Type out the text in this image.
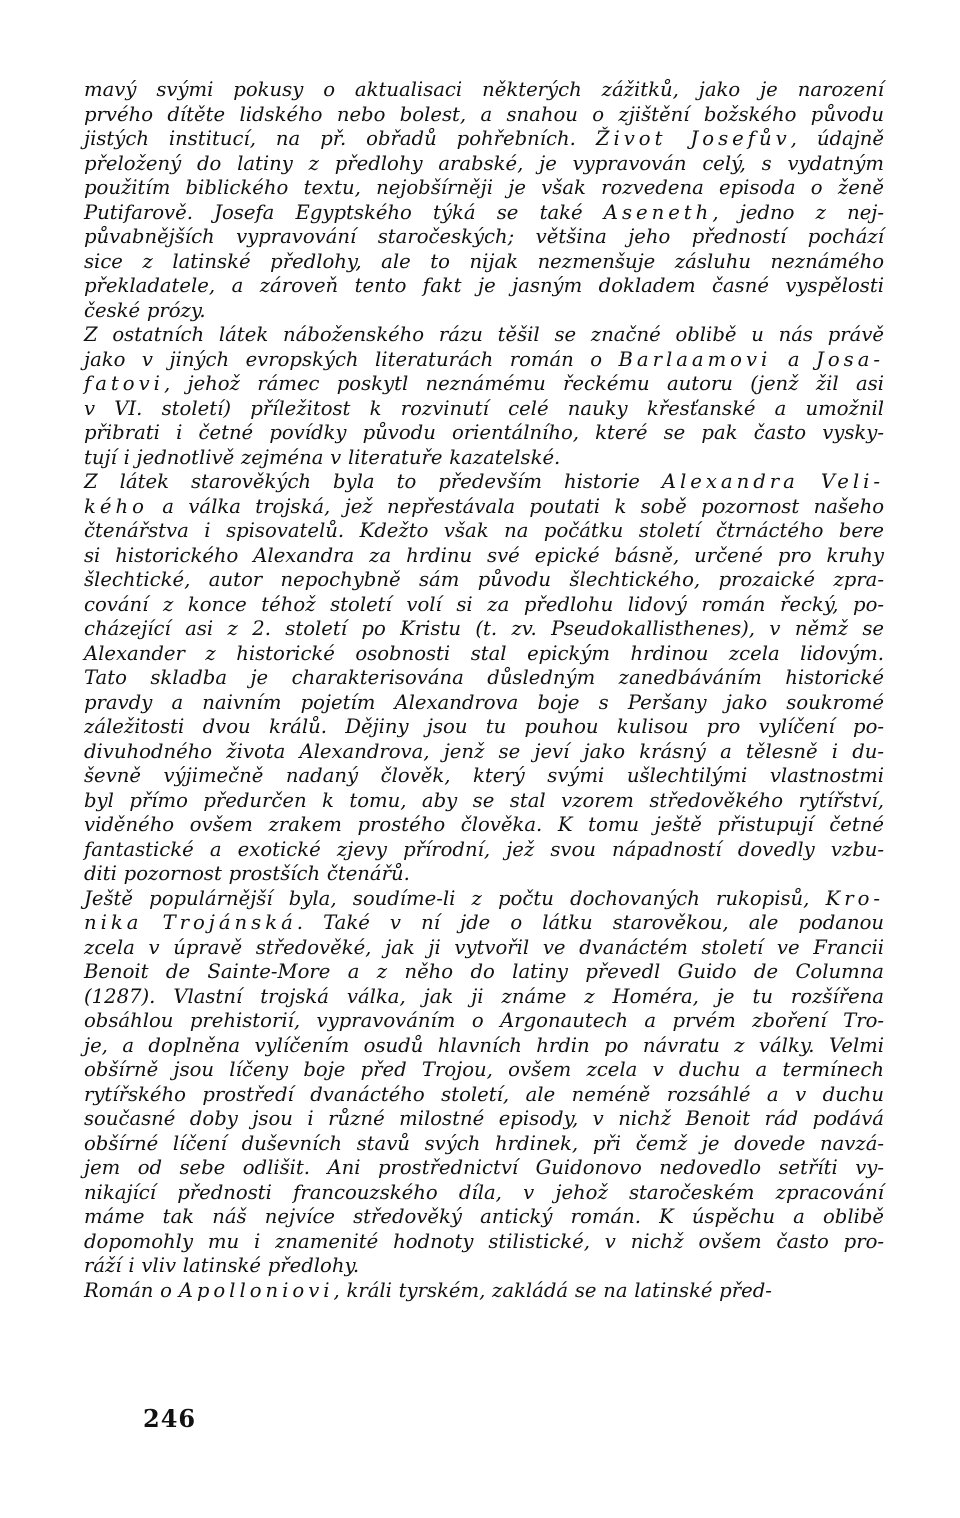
mavý svými pokusy o aktualisaci některých zážitků, jako je narození
prvého dítěte lidského nebo bolest, a snahou o zjištění božského původu
jistých institucí, na př. obřadů pohřebních. Život Josefův, údajně
přeložený do latiny z předlohy arabské, je vypravován celý, s vydatným
použitím biblického textu, nejobšírněji je však rozvedena episoda o ženě
Putifarově. Josefa Egyptského týká se také Aseneth, jedno z nej-
půvabnějších vypravování staročeských; většina jeho předností pochází
sice z latinské předlohy, ale to nijak nezmenšuje zásluhu neznámého
překladatele, a zároveň tento fakt je jasným dokladem časné vyspělosti
české prózy.
Z ostatních látek náboženského rázu těšil se značné oblibě u nás právě
jako v jiných evropských literaturách román o Barlaamovi a Josa-
fatovi, jehož rámec poskytl neznámému řeckému autoru (jenž žil asi
v VI. století) příležitost k rozvinutí celé nauky křesťanské a umožnil
přibrati i četné povídky původu orientálního, které se pak často vysky-
tují i jednotlivě zejména v literatuře kazatelské.
Z látek starověkých byla to především historie Alexandra Veli-
kého a válka trojská, jež nepřestávala poutati k sobě pozornost našeho
čtenářstva i spisovatelů. Kdežto však na počátku století čtrnáctého bere
si historického Alexandra za hrdinu své epické básně, určené pro kruhy
šlechtické, autor nepochybně sám původu šlechtického, prozaické zpra-
cování z konce téhož století volí si za předlohu lidový román řecký, po-
cházející asi z 2. století po Kristu (t. zv. Pseudokallisthenes), v němž se
Alexander z historické osobnosti stal epickým hrdinou zcela lidovým.
Tato skladba je charakterisována důsledným zanedbáváním historické
pravdy a naivním pojetím Alexandrova boje s Peršany jako soukromé
záležitosti dvou králů. Dějiny jsou tu pouhou kulisou pro vylíčení po-
divuhodného života Alexandrova, jenž se jeví jako krásný a tělesně i du-
ševně výjimečně nadaný člověk, který svými ušlechtilými vlastnostmi
byl přímo předurčen k tomu, aby se stal vzorem středověkého rytířství,
viděného ovšem zrakem prostého člověka. K tomu ještě přistupují četné
fantastické a exotické zjevy přírodní, jež svou nápadností dovedly vzbu-
diti pozornost prostších čtenářů.
Ještě populárnější byla, soudíme-li z počtu dochovaných rukopisů, Kro-
nika Trojánská. Také v ní jde o látku starověkou, ale podanou
zcela v úpravě středověké, jak ji vytvořil ve dvanáctém století ve Francii
Benoit de Sainte-More a z něho do latiny převedl Guido de Columna
(1287). Vlastní trojská válka, jak ji známe z Homéra, je tu rozšířena
obsáhlou prehistorií, vypravováním o Argonautech a prvém zboření Tro-
je, a doplněna vylíčením osudů hlavních hrdin po návratu z války. Velmi
obšírně jsou líčeny boje před Trojou, ovšem zcela v duchu a termínech
rytířského prostředí dvanáctého století, ale neméně rozsáhlé a v duchu
současné doby jsou i různé milostné episody, v nichž Benoit rád podává
obšírné líčení duševních stavů svých hrdinek, při čemž je dovede navzá-
jem od sebe odlišit. Ani prostřednictví Guidonovo nedovedlo setříti vy-
nikající přednosti francouzského díla, v jehož staročeském zpracování
máme tak náš nejvíce středověký antický román. K úspěchu a oblibě
dopomohly mu i znamenité hodnoty stilistické, v nichž ovšem často pro-
ráží i vliv latinské předlohy.
Román o Apolloniovi, králi tyrském, zakládá se na latinské před-
246
